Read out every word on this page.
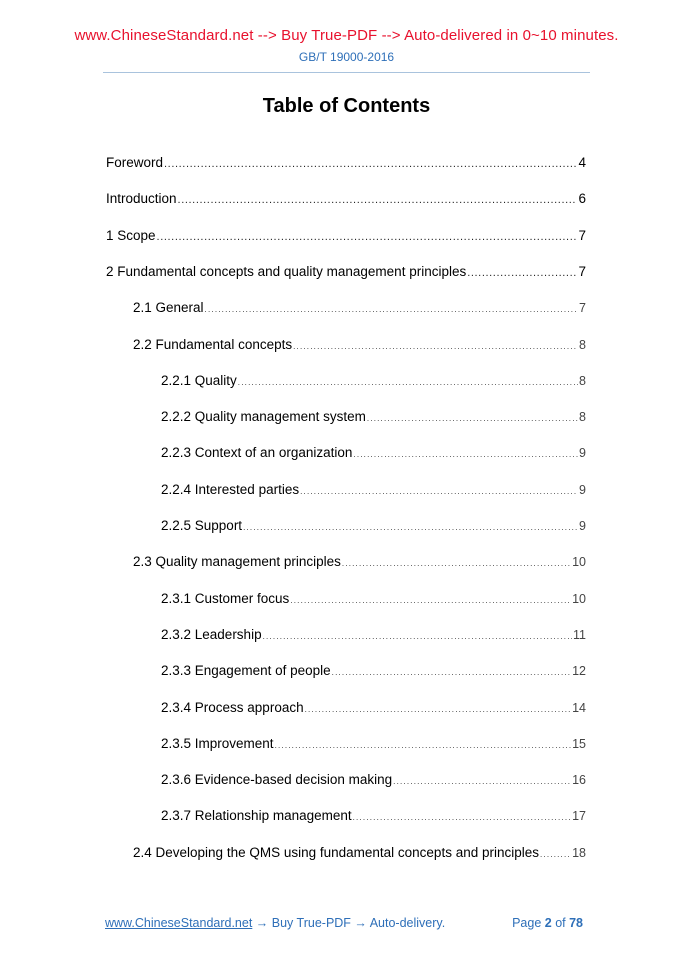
www.ChineseStandard.net --> Buy True-PDF --> Auto-delivered in 0~10 minutes.
GB/T 19000-2016
Table of Contents
Foreword .....	4
Introduction .....	6
1 Scope .....	7
2 Fundamental concepts and quality management principles .....	7
2.1 General .....	7
2.2 Fundamental concepts .....	8
2.2.1 Quality .....	8
2.2.2 Quality management system .....	8
2.2.3 Context of an organization .....	9
2.2.4 Interested parties .....	9
2.2.5 Support .....	9
2.3 Quality management principles .....	10
2.3.1 Customer focus .....	10
2.3.2 Leadership .....	11
2.3.3 Engagement of people .....	12
2.3.4 Process approach .....	14
2.3.5 Improvement .....	15
2.3.6 Evidence-based decision making .....	16
2.3.7 Relationship management .....	17
2.4 Developing the QMS using fundamental concepts and principles .....	18
www.ChineseStandard.net → Buy True-PDF → Auto-delivery.	Page 2 of 78
